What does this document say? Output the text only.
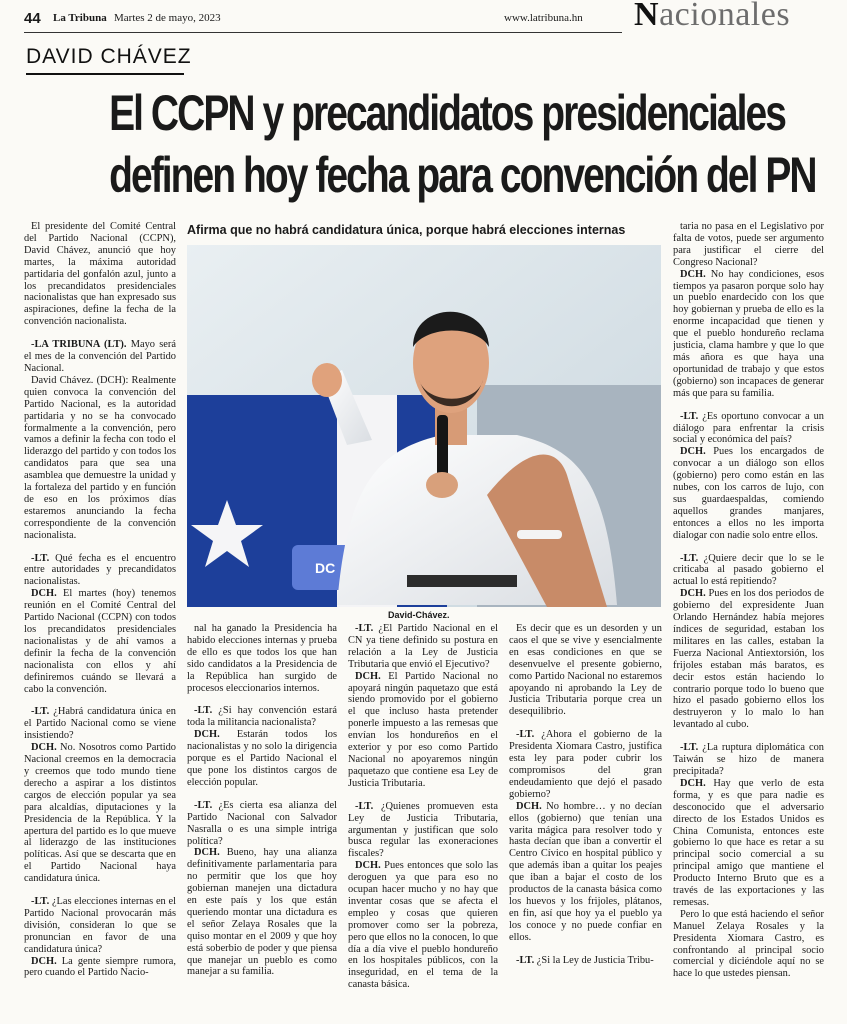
44 La Tribuna Martes 2 de mayo, 2023	www.latribuna.hn Nacionales
DAVID CHÁVEZ
El CCPN y precandidatos presidenciales
definen hoy fecha para convención del PN

El presidente del Comité Central del Partido Nacional (CCPN), David Chávez, anunció que hoy martes, la máxima autoridad partidaria del gonfalón azul, junto a los precandidatos presidenciales nacionalistas que han expresado sus aspiraciones, define la fecha de la convención nacionalista.

-LA TRIBUNA (LT). Mayo será el mes de la convención del Partido Nacional.

David Chávez. (DCH): Realmente quien convoca la convención del Partido Nacional, es la autoridad partidaria y no se ha convocado formalmente a la convención, pero vamos a definir la fecha con todo el liderazgo del partido y con todos los candidatos para que sea una asamblea que demuestre la unidad y la fortaleza del partido y en función de eso en los próximos días estaremos anunciando la fecha correspondiente de la convención nacionalista.

-LT. Qué fecha es el encuentro entre autoridades y precandidatos nacionalistas.

DCH. El martes (hoy) tenemos reunión en el Comité Central del Partido Nacional (CCPN) con todos los precandidatos presidenciales nacionalistas y de ahí vamos a definir la fecha de la convención nacionalista con ellos y ahí definiremos cuándo se llevará a cabo la convención.

-LT. ¿Habrá candidatura única en el Partido Nacional como se viene insistiendo?

DCH. No. Nosotros como Partido Nacional creemos en la democracia y creemos que todo mundo tiene derecho a aspirar a los distintos cargos de elección popular ya sea para alcaldías, diputaciones y la Presidencia de la República. Y la apertura del partido es lo que mueve al liderazgo de las instituciones políticas. Así que se descarta que en el Partido Nacional haya candidatura única.

-LT. ¿Las elecciones internas en el Partido Nacional provocarán más división, consideran lo que se pronuncian en favor de una candidatura única?

DCH. La gente siempre rumora, pero cuando el Partido Nacio-

Afirma que no habrá candidatura única, porque habrá elecciones internas
DC
David-Chávez.

nal ha ganado la Presidencia ha habido elecciones internas y prueba de ello es que todos los que han sido candidatos a la Presidencia de la República han surgido de procesos eleccionarios internos.

-LT. ¿Si hay convención estará toda la militancia nacionalista?

DCH. Estarán todos los nacionalistas y no solo la dirigencia porque es el Partido Nacional el que pone los distintos cargos de elección popular.

-LT. ¿Es cierta esa alianza del Partido Nacional con Salvador Nasralla o es una simple intriga política?

DCH. Bueno, hay una alianza definitivamente parlamentaria para no permitir que los que hoy gobiernan manejen una dictadura en este país y los que están queriendo montar una dictadura es el señor Zelaya Rosales que la quiso montar en el 2009 y que hoy está soberbio de poder y que piensa que manejar un pueblo es como manejar a su familia.

-LT. ¿El Partido Nacional en el CN ya tiene definido su postura en relación a la Ley de Justicia Tributaria que envió el Ejecutivo?

DCH. El Partido Nacional no apoyará ningún paquetazo que está siendo promovido por el gobierno el que incluso hasta pretender ponerle impuesto a las remesas que envían los hondureños en el exterior y por eso como Partido Nacional no apoyaremos ningún paquetazo que contiene esa Ley de Justicia Tributaria.

-LT. ¿Quienes promueven esta Ley de Justicia Tributaria, argumentan y justifican que solo busca regular las exoneraciones fiscales?

DCH. Pues entonces que solo las deroguen ya que para eso no ocupan hacer mucho y no hay que inventar cosas que se afecta el empleo y cosas que quieren promover como ser la pobreza, pero que ellos no la conocen, lo que día a día vive el pueblo hondureño en los hospitales públicos, con la inseguridad, en el tema de la canasta básica.

Es decir que es un desorden y un caos el que se vive y esencialmente en esas condiciones en que se desenvuelve el presente gobierno, como Partido Nacional no estaremos apoyando ni aprobando la Ley de Justicia Tributaria porque crea un desequilibrio.

-LT. ¿Ahora el gobierno de la Presidenta Xiomara Castro, justifica esta ley para poder cubrir los compromisos del gran endeudamiento que dejó el pasado gobierno?

DCH. No hombre… y no decían ellos (gobierno) que tenían una varita mágica para resolver todo y hasta decían que iban a convertir el Centro Cívico en hospital público y que además iban a quitar los peajes que iban a bajar el costo de los productos de la canasta básica como los huevos y los frijoles, plátanos, en fin, así que hoy ya el pueblo ya los conoce y no puede confiar en ellos.

-LT. ¿Si la Ley de Justicia Tribu-

taria no pasa en el Legislativo por falta de votos, puede ser argumento para justificar el cierre del Congreso Nacional?

DCH. No hay condiciones, esos tiempos ya pasaron porque solo hay un pueblo enardecido con los que hoy gobiernan y prueba de ello es la enorme incapacidad que tienen y que el pueblo hondureño reclama justicia, clama hambre y que lo que más añora es que haya una oportunidad de trabajo y que estos (gobierno) son incapaces de generar más que para su familia.

-LT. ¿Es oportuno convocar a un diálogo para enfrentar la crisis social y económica del país?

DCH. Pues los encargados de convocar a un diálogo son ellos (gobierno) pero como están en las nubes, con los carros de lujo, con sus guardaespaldas, comiendo aquellos grandes manjares, entonces a ellos no les importa dialogar con nadie solo entre ellos.

-LT. ¿Quiere decir que lo se le criticaba al pasado gobierno el actual lo está repitiendo?

DCH. Pues en los dos periodos de gobierno del expresidente Juan Orlando Hernández había mejores índices de seguridad, estaban los militares en las calles, estaban la Fuerza Nacional Antiextorsión, los frijoles estaban más baratos, es decir estos están haciendo lo contrario porque todo lo bueno que hizo el pasado gobierno ellos los destruyeron y lo malo lo han levantado al cubo.

-LT. ¿La ruptura diplomática con Taiwán se hizo de manera precipitada?

DCH. Hay que verlo de esta forma, y es que para nadie es desconocido que el adversario directo de los Estados Unidos es China Comunista, entonces este gobierno lo que hace es retar a su principal socio comercial a su principal amigo que mantiene el Producto Interno Bruto que es a través de las exportaciones y las remesas.

Pero lo que está haciendo el señor Manuel Zelaya Rosales y la Presidenta Xiomara Castro, es confrontando al principal socio comercial y diciéndole aquí no se hace lo que ustedes piensan.
